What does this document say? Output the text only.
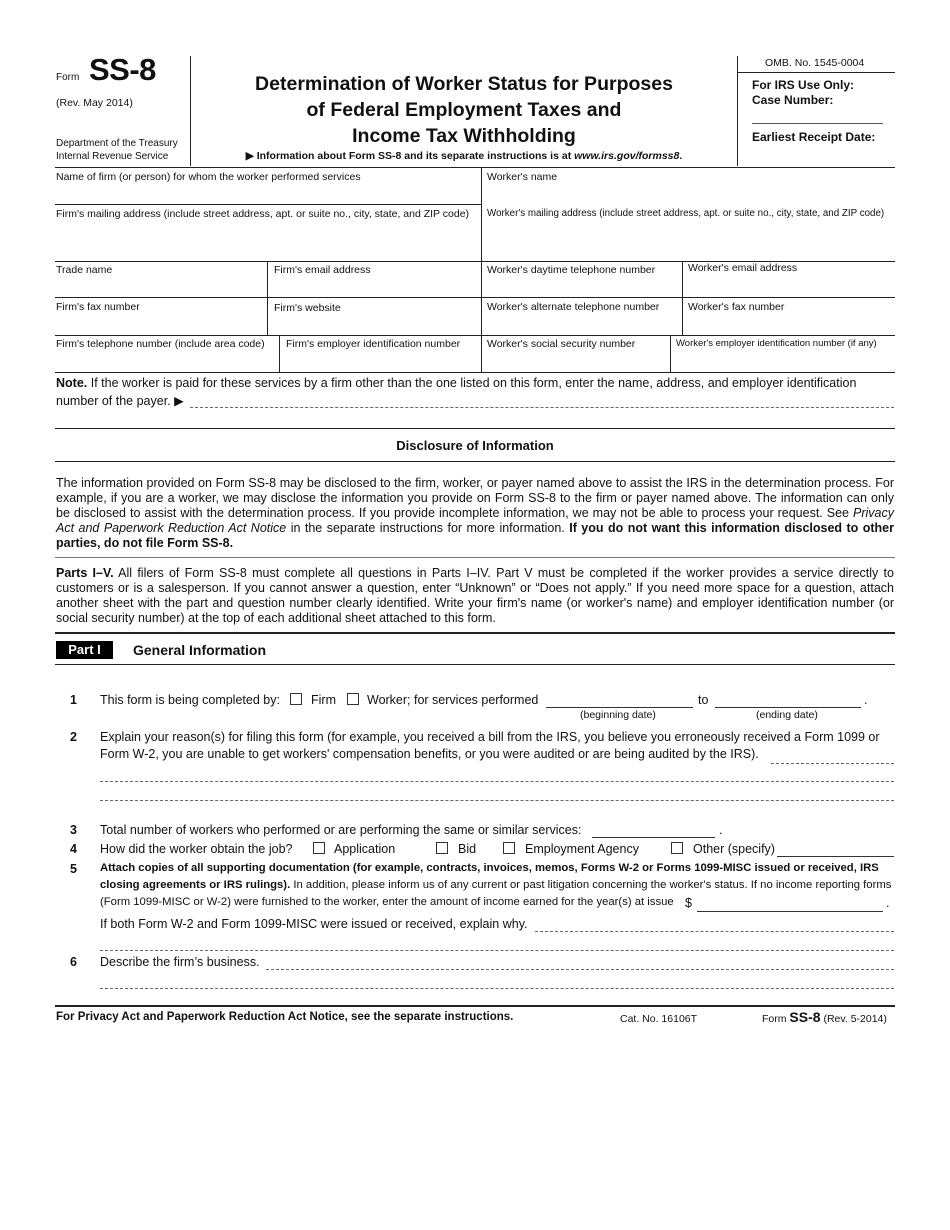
Form SS-8
(Rev. May 2014)
Department of the Treasury
Internal Revenue Service
Determination of Worker Status for Purposes
of Federal Employment Taxes and
Income Tax Withholding
▶ Information about Form SS-8 and its separate instructions is at www.irs.gov/formss8.
OMB. No. 1545-0004
For IRS Use Only:
Case Number:
Earliest Receipt Date:
Name of firm (or person) for whom the worker performed services	Worker's name
Firm's mailing address (include street address, apt. or suite no., city, state, and ZIP code) Worker's mailing address (include street address, apt. or suite no., city, state, and ZIP code)
Trade name	Firm's email address	Worker's daytime telephone number	Worker's email address
Firm's fax number	Firm's website	Worker's alternate telephone number	Worker's fax number
Firm's telephone number (include area code) Firm's employer identification number	Worker's social security number	Worker's employer identification number (if any)
Note. If the worker is paid for these services by a firm other than the one listed on this form, enter the name, address, and employer identification
number of the payer. ▶
Disclosure of Information
The information provided on Form SS-8 may be disclosed to the firm, worker, or payer named above to assist the IRS in the determination process. For example, if you are a worker, we may disclose the information you provide on Form SS-8 to the firm or payer named above. The information can only be disclosed to assist with the determination process. If you provide incomplete information, we may not be able to process your request. See Privacy Act and Paperwork Reduction Act Notice in the separate instructions for more information. If you do not want this information disclosed to other parties, do not file Form SS-8.
Parts I–V. All filers of Form SS-8 must complete all questions in Parts I–IV. Part V must be completed if the worker provides a service directly to customers or is a salesperson. If you cannot answer a question, enter “Unknown” or “Does not apply.” If you need more space for a question, attach another sheet with the part and question number clearly identified. Write your firm's name (or worker's name) and employer identification number (or social security number) at the top of each additional sheet attached to this form.
Part I	General Information
1 This form is being completed by: Firm Worker; for services performed	to	.
(beginning date)	(ending date)
2 Explain your reason(s) for filing this form (for example, you received a bill from the IRS, you believe you erroneously received a Form 1099 or
Form W-2, you are unable to get workers' compensation benefits, or you were audited or are being audited by the IRS).
3 Total number of workers who performed or are performing the same or similar services:	.
4 How did the worker obtain the job?	Application	Bid	Employment Agency	Other (specify)
5 Attach copies of all supporting documentation (for example, contracts, invoices, memos, Forms W-2 or Forms 1099-MISC issued or received, IRS
closing agreements or IRS rulings). In addition, please inform us of any current or past litigation concerning the worker's status. If no income reporting forms
(Form 1099-MISC or W-2) were furnished to the worker, enter the amount of income earned for the year(s) at issue $	.
If both Form W-2 and Form 1099-MISC were issued or received, explain why.
6 Describe the firm’s business.
For Privacy Act and Paperwork Reduction Act Notice, see the separate instructions.	Cat. No. 16106T	Form SS-8 (Rev. 5-2014)
